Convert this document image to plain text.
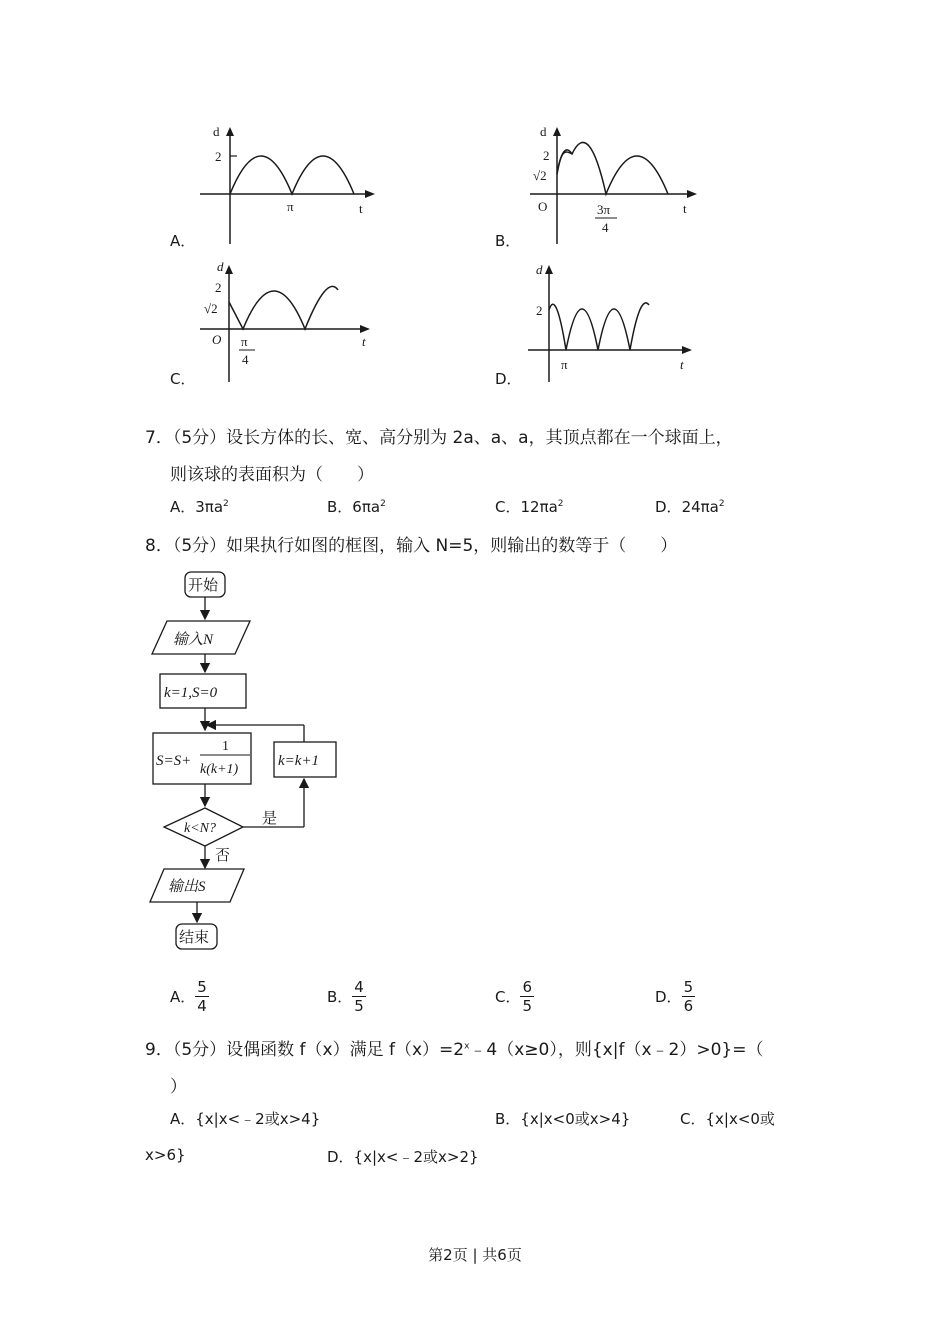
d
2
π	t
A．
d
2
√2
O	3π
4
t
B．
d
2
√2
O π
4
t
C．
d
2
π	t
D．
7．（5分）设长方体的长、宽、高分别为 2a、a、a，其顶点都在一个球面上，
则该球的表面积为（　　）
A．$3\pi a^2$	B．$6\pi a^2$	C．$12\pi a^2$	D．$24\pi a^2$
8．（5分）如果执行如图的框图，输入 N=5，则输出的数等于（　　）
开始
输入N
k=1,S=0
S=S+
1
k(k+1)
k=k+1
k<N?
是
否
输出S
结束
A． $\frac{5}{4}$	B． $\frac{4}{5}$	C． $\frac{6}{5}$	D． $\frac{5}{6}$
9．（5分）设偶函数 f（x）满足 $f(x)=2^x﹣4(x\ge 0)$，则{x|f（x﹣2）>0}=（
）
A．{x|x<﹣2或x>4}	B．{x|x<0或x>4}	C．{x|x<0或
x>6}	D．{x|x<﹣2或x>2}
第2页 | 共6页
